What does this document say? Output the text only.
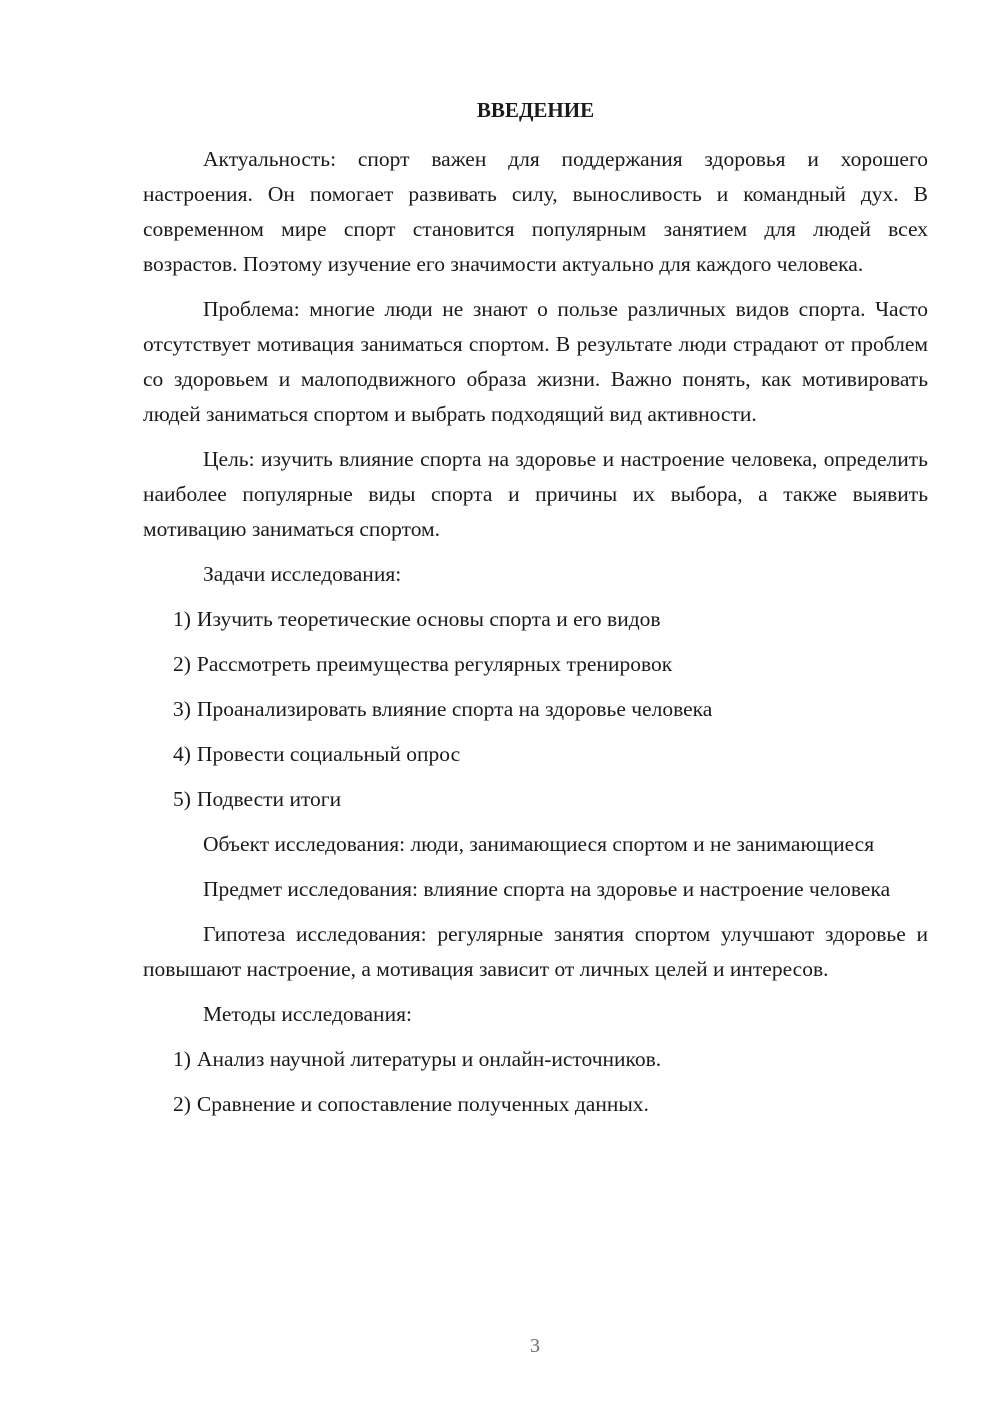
ВВЕДЕНИЕ

Актуальность: спорт важен для поддержания здоровья и хорошего настроения. Он помогает развивать силу, выносливость и командный дух. В современном мире спорт становится популярным занятием для людей всех возрастов. Поэтому изучение его значимости актуально для каждого человека.

Проблема: многие люди не знают о пользе различных видов спорта. Часто отсутствует мотивация заниматься спортом. В результате люди страдают от проблем со здоровьем и малоподвижного образа жизни. Важно понять, как мотивировать людей заниматься спортом и выбрать подходящий вид активности.

Цель: изучить влияние спорта на здоровье и настроение человека, определить наиболее популярные виды спорта и причины их выбора, а также выявить мотивацию заниматься спортом.

Задачи исследования:

1) Изучить теоретические основы спорта и его видов

2) Рассмотреть преимущества регулярных тренировок

3) Проанализировать влияние спорта на здоровье человека

4) Провести социальный опрос

5) Подвести итоги

Объект исследования: люди, занимающиеся спортом и не занимающиеся

Предмет исследования: влияние спорта на здоровье и настроение человека

Гипотеза исследования: регулярные занятия спортом улучшают здоровье и повышают настроение, а мотивация зависит от личных целей и интересов.

Методы исследования:

1) Анализ научной литературы и онлайн-источников.

2) Сравнение и сопоставление полученных данных.

3
